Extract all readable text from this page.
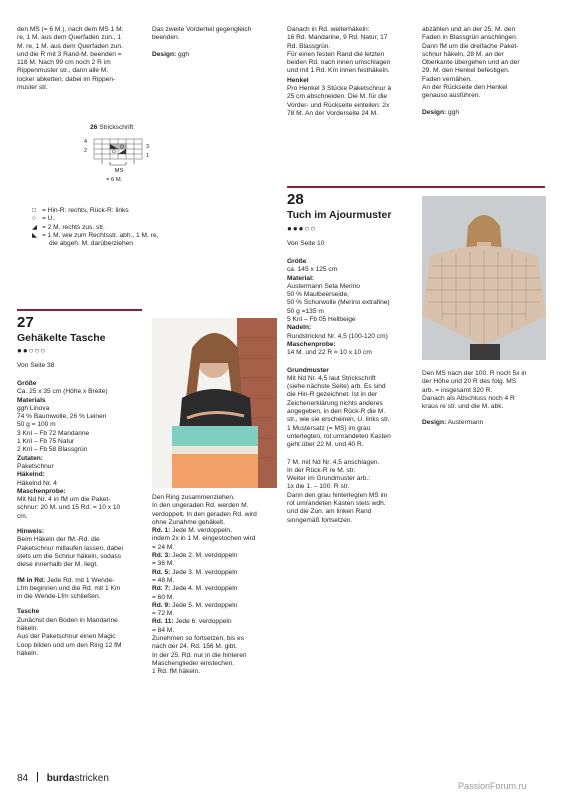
den MS (= 6 M.), nach dem MS 1 M.
re, 1 M. aus dem Querfaden zun., 1
M. re, 1 M. aus dem Querfaden zun.
und die R mit 3 Rand-M. beenden =
118 M. Nach 99 cm noch 2 R im
Rippenmuster str., dann alle M.
locker abketten, dabei im Rippen-
muster str.
Das zweite Vorderteil gegengleich
beenden.
Design: ggh
26 Strickschrift
4
2
3
1
MS
= 6 M.
□ = Hin-R: rechts, Rück-R: links
○ = U.
◢ = 2 M. rechts zus. str.
◣ = 1 M. wie zum Rechtsstr. abh., 1 M. re,
die abgeh. M. darüberziehen
27
Gehäkelte Tasche
●●○○○
Von Seite 38
Größe
Ca. 25 x 35 cm (Höhe x Breite)
Materials
ggh Linova
74 % Baumwolle, 26 % Leinen
50 g = 100 m
3 Knl – Fb 72 Mandarine
1 Knl – Fb 75 Natur
2 Knl – Fb 58 Blassgrün
Zutaten:
Paketschnur
Häkelnd:
Häkelnd Nr. 4
Maschenprobe:
Mit Nd Nr. 4 in fM um die Paket-
schnur: 20 M. und 15 Rd. = 10 x 10
cm.
Hinweis:
Beim Häkeln der fM.-Rd. die
Paketschnur mitlaufen lassen, dabei
stets um die Schnur häkeln, sodass
diese innerhalb der M. liegt.
fM in Rd: Jede Rd. mit 1 Wende-
Lfm beginnen und die Rd. mit 1 Km
in die Wende-Lfm schließen.
Tasche
Zunächst den Boden in Mandarine
häkeln.
Aus der Paketschnur einen Magic
Loop bilden und um den Ring 12 fM
häkeln.
Den Ring zusammenziehen.
In den ungeraden Rd. werden M.
verdoppelt. In den geraden Rd. wird
ohne Zunahme gehäkelt.
Rd. 1: Jede M. verdoppeln,
indem 2x in 1 M. eingestochen wird
= 24 M.
Rd. 3: Jede 2. M. verdoppeln
= 36 M.
Rd. 5: Jede 3. M. verdoppeln
= 48 M.
Rd. 7: Jede 4. M. verdoppeln
= 60 M.
Rd. 9: Jede 5. M. verdoppeln
= 72 M.
Rd. 11: Jede 6. verdoppeln
= 84 M.
Zunehmen so fortsetzen, bis es
nach der 24. Rd. 156 M. gibt.
In der 25. Rd. nur in die hinteren
Maschenglieder einstechen.
1 Rd. fM häkeln.
Danach in Rd. weiterhäkeln:
16 Rd. Mandarine, 9 Rd. Natur, 17
Rd. Blassgrün.
Für einen festen Rand die letzten
beiden Rd. nach innen umschlagen
und mit 1 Rd. Km innen festhäkeln.
Henkel
Pro Henkel 3 Stücke Paketschnur à
25 cm abschneiden. Die M. für die
Vorder- und Rückseite einteilen: 2x
78 M. An der Vorderseite 24 M.
abzählen und an der 25. M. den
Faden in Blassgrün anschlingen.
Dann fM um die dreifache Paket-
schnur häkeln, 28 M. an der
Oberkante übergehen und an der
29. M. den Henkel befestigen.
Faden vernähen.
An der Rückseite den Henkel
genauso ausführen.
Design: ggh
28
Tuch im Ajourmuster
●●●○○
Von Seite 10
Größe
ca. 145 x 125 cm
Material:
Austermann Seta Merino
50 % Maulbeerseide,
50 % Schurwolle (Merino extrafine)
50 g =135 m
5 Knl – Fb 05 Hellbeige
Nadeln:
Rundstricknd Nr. 4,5 (100-120 cm)
Maschenprobe:
14 M. und 22 R = 10 x 10 cm
Grundmuster
Mit Nd Nr. 4,5 laut Strickschrift
(siehe nächste Seite) arb. Es sind
die Hin-R gezeichnet. Ist in der
Zeichenerklärung nichts anderes
angegeben, in den Rück-R die M.
str., wie sie erscheinen, U. links str.
1 Mustersatz (= MS) im grau
unterlegten, rot umrandeten Kasten
geht über 22 M. und 40 R.
7 M. mit Nd Nr. 4,5 anschlagen.
In der Rück-R re M. str.
Weiter im Grundmuster arb.:
1x die 1. – 100. R str.
Dann den grau hinterlegten MS im
rot umrandeten Kasten stets wdh.
und die Zun. am linken Rand
sinngemäß fortsetzen.
Den MS nach der 100. R noch 5x in
der Höhe und 20 R des folg. MS
arb. = insgesamt 320 R.
Danach als Abschluss noch 4 R
kraus re str. und die M. abk.
Design: Austermann
84 burdastricken
PassionForum.ru
